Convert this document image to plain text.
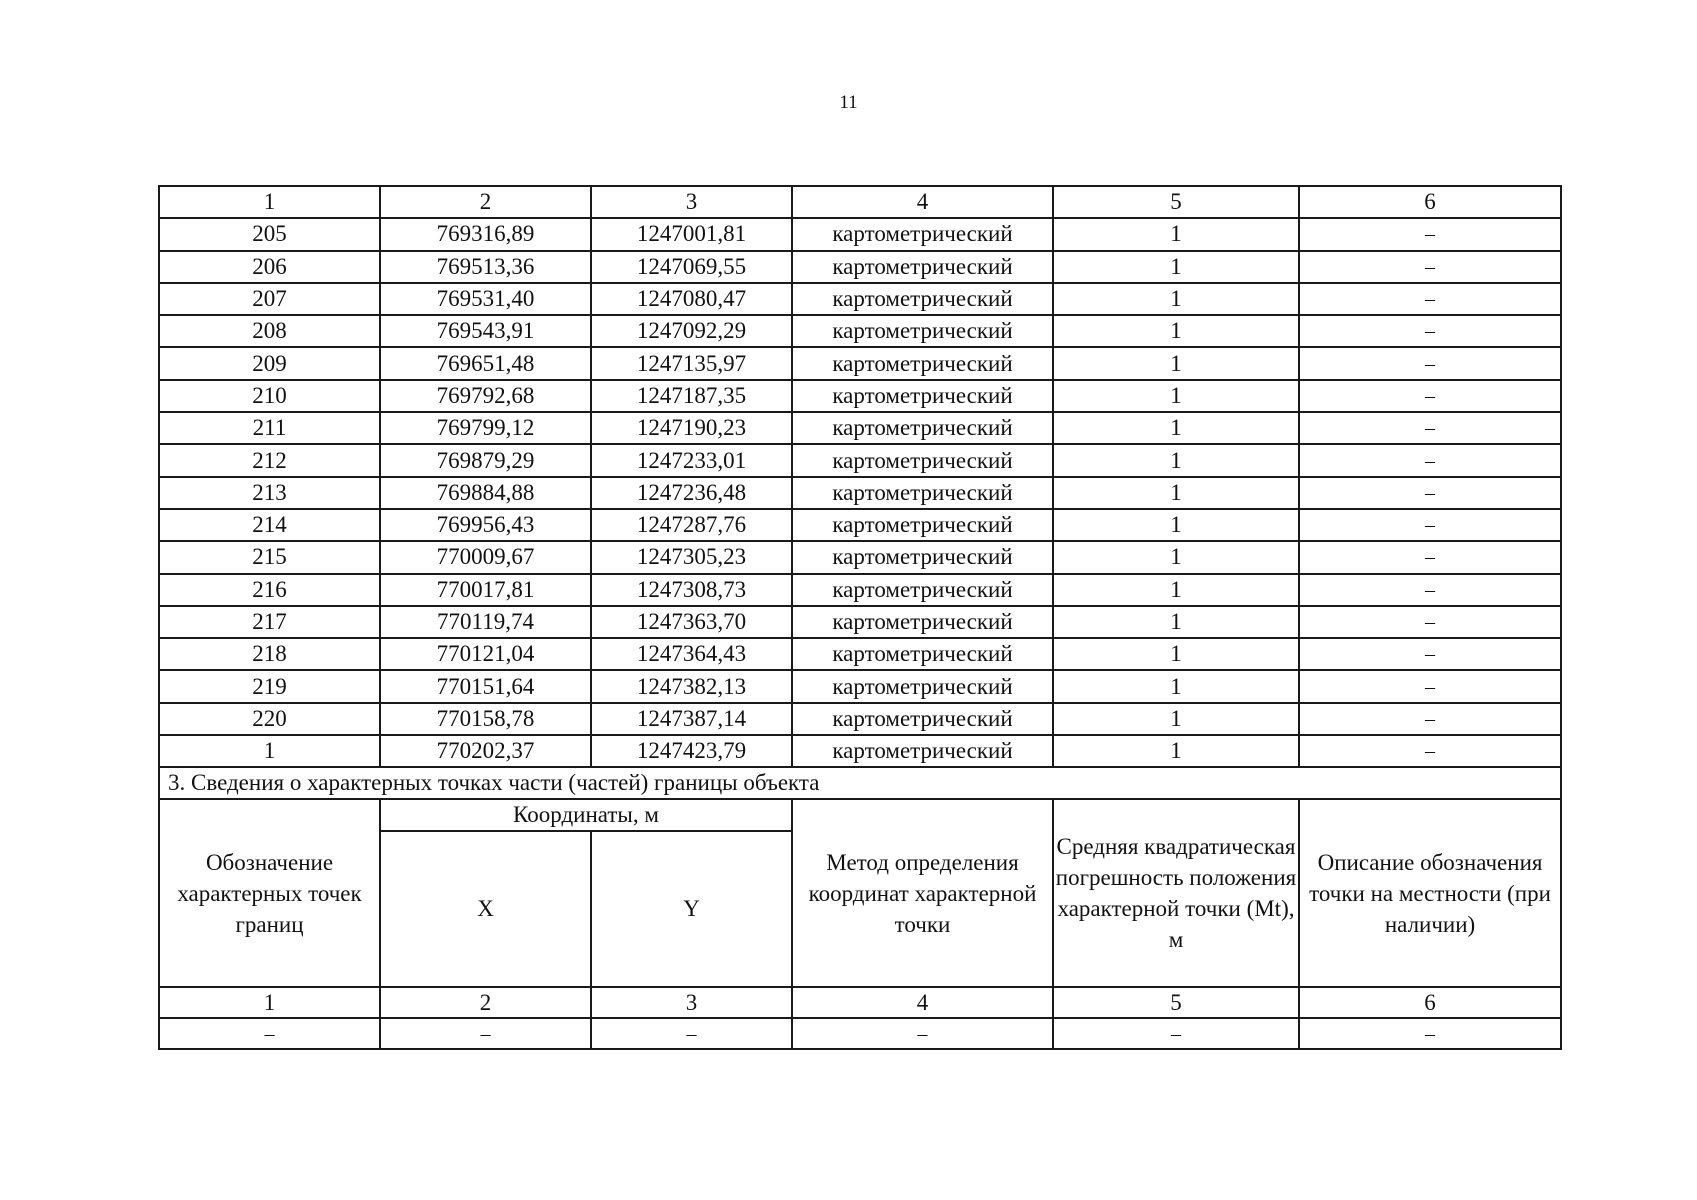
11
1	2	3	4	5	6
205	769316,89	1247001,81	картометрический	1	–
206	769513,36	1247069,55	картометрический	1	–
207	769531,40	1247080,47	картометрический	1	–
208	769543,91	1247092,29	картометрический	1	–
209	769651,48	1247135,97	картометрический	1	–
210	769792,68	1247187,35	картометрический	1	–
211	769799,12	1247190,23	картометрический	1	–
212	769879,29	1247233,01	картометрический	1	–
213	769884,88	1247236,48	картометрический	1	–
214	769956,43	1247287,76	картометрический	1	–
215	770009,67	1247305,23	картометрический	1	–
216	770017,81	1247308,73	картометрический	1	–
217	770119,74	1247363,70	картометрический	1	–
218	770121,04	1247364,43	картометрический	1	–
219	770151,64	1247382,13	картометрический	1	–
220	770158,78	1247387,14	картометрический	1	–
1	770202,37	1247423,79	картометрический	1	–
3. Сведения о характерных точках части (частей) границы объекта					
Обозначение характерных точек границ	Координаты, м		Метод определения координат характерной точки	Средняя квадратическая погрешность положения характерной точки (Mt), м	Описание обозначения точки на местности (при наличии)
	X	Y			
1	2	3	4	5	6
–	–	–	–	–	–
